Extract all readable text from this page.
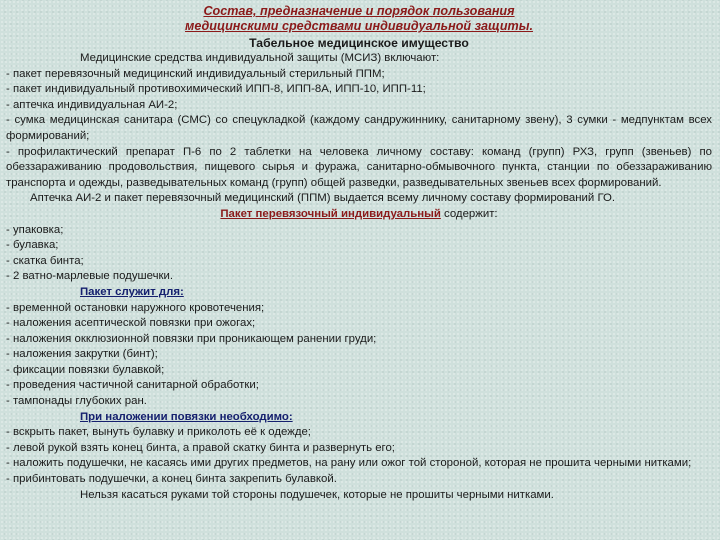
Состав, предназначение и порядок пользования

медицинскими средствами индивидуальной защиты.

Табельное медицинское имущество

Медицинские средства индивидуальной защиты (МСИЗ) включают:

- пакет перевязочный медицинский индивидуальный стерильный ППМ;

- пакет индивидуальный противохимический ИПП-8, ИПП-8А, ИПП-10, ИПП-11;

- аптечка индивидуальная АИ-2;

- сумка медицинская санитара (СМС) со спецукладкой (каждому сандружиннику, санитарному звену), 3 сумки - медпунктам всех формирований;

- профилактический препарат П-6 по 2 таблетки на человека личному составу: команд (групп) РХЗ, групп (звеньев) по обеззараживанию продовольствия, пищевого сырья и фуража, санитарно-обмывочного пункта, станции по обеззараживанию транспорта и одежды, разведывательных команд (групп) общей разведки, разведывательных звеньев всех формирований.

Аптечка АИ-2 и пакет перевязочный медицинский (ППМ) выдается всему личному составу формирований ГО.

Пакет перевязочный индивидуальный содержит:

- упаковка;

- булавка;

- скатка бинта;

- 2 ватно-марлевые подушечки.

Пакет служит для:

- временной остановки наружного кровотечения;

- наложения асептической повязки при ожогах;

- наложения окклюзионной повязки при проникающем ранении груди;

- наложения закрутки (бинт);

- фиксации повязки булавкой;

- проведения частичной санитарной обработки;

- тампонады глубоких ран.

При наложении повязки необходимо:

- вскрыть пакет, вынуть булавку и приколоть её к одежде;

- левой рукой взять конец бинта, а правой скатку бинта и развернуть его;

- наложить подушечки, не касаясь ими других предметов, на рану или ожог той стороной, которая не прошита черными нитками;

- прибинтовать подушечки, а конец бинта закрепить булавкой.

Нельзя касаться руками той стороны подушечек, которые не прошиты черными нитками.
